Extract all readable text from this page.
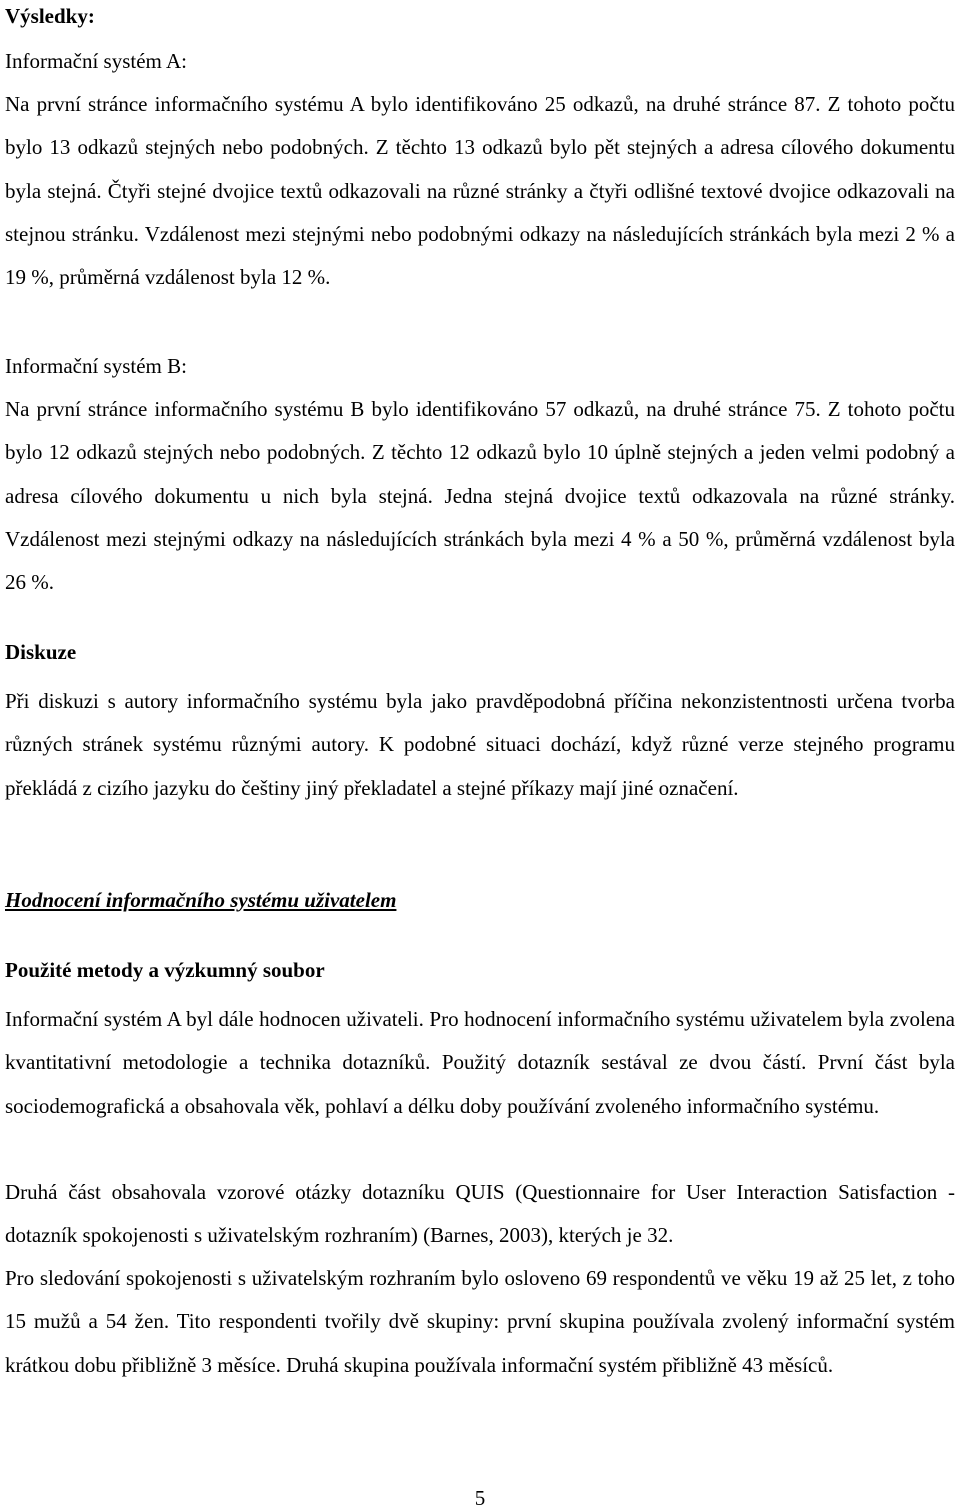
Výsledky:

Informační systém A:

Na první stránce informačního systému A bylo identifikováno 25 odkazů, na druhé stránce 87. Z tohoto počtu bylo 13 odkazů stejných nebo podobných. Z těchto 13 odkazů bylo pět stejných a adresa cílového dokumentu byla stejná. Čtyři stejné dvojice textů odkazovali na různé stránky a čtyři odlišné textové dvojice odkazovali na stejnou stránku. Vzdálenost mezi stejnými nebo podobnými odkazy na následujících stránkách byla mezi 2 % a 19 %, průměrná vzdálenost byla 12 %.

Informační systém B:

Na první stránce informačního systému B bylo identifikováno 57 odkazů, na druhé stránce 75. Z tohoto počtu bylo 12 odkazů stejných nebo podobných. Z těchto 12 odkazů bylo 10 úplně stejných a jeden velmi podobný a adresa cílového dokumentu u nich byla stejná. Jedna stejná dvojice textů odkazovala na různé stránky. Vzdálenost mezi stejnými odkazy na následujících stránkách byla mezi 4 % a 50 %, průměrná vzdálenost byla 26 %.

Diskuze

Při diskuzi s autory informačního systému byla jako pravděpodobná příčina nekonzistentnosti určena tvorba různých stránek systému různými autory. K podobné situaci dochází, když různé verze stejného programu překládá z cizího jazyku do češtiny jiný překladatel a stejné příkazy mají jiné označení.

Hodnocení informačního systému uživatelem
Použité metody a výzkumný soubor

Informační systém A byl dále hodnocen uživateli. Pro hodnocení informačního systému uživatelem byla zvolena kvantitativní metodologie a technika dotazníků. Použitý dotazník sestával ze dvou částí. První část byla sociodemografická a obsahovala věk, pohlaví a délku doby používání zvoleného informačního systému.

Druhá část obsahovala vzorové otázky dotazníku QUIS (Questionnaire for User Interaction Satisfaction - dotazník spokojenosti s uživatelským rozhraním) (Barnes, 2003), kterých je 32.

Pro sledování spokojenosti s uživatelským rozhraním bylo osloveno 69 respondentů ve věku 19 až 25 let, z toho 15 mužů a 54 žen. Tito respondenti tvořily dvě skupiny: první skupina používala zvolený informační systém krátkou dobu přibližně 3 měsíce. Druhá skupina používala informační systém přibližně 43 měsíců.

5
